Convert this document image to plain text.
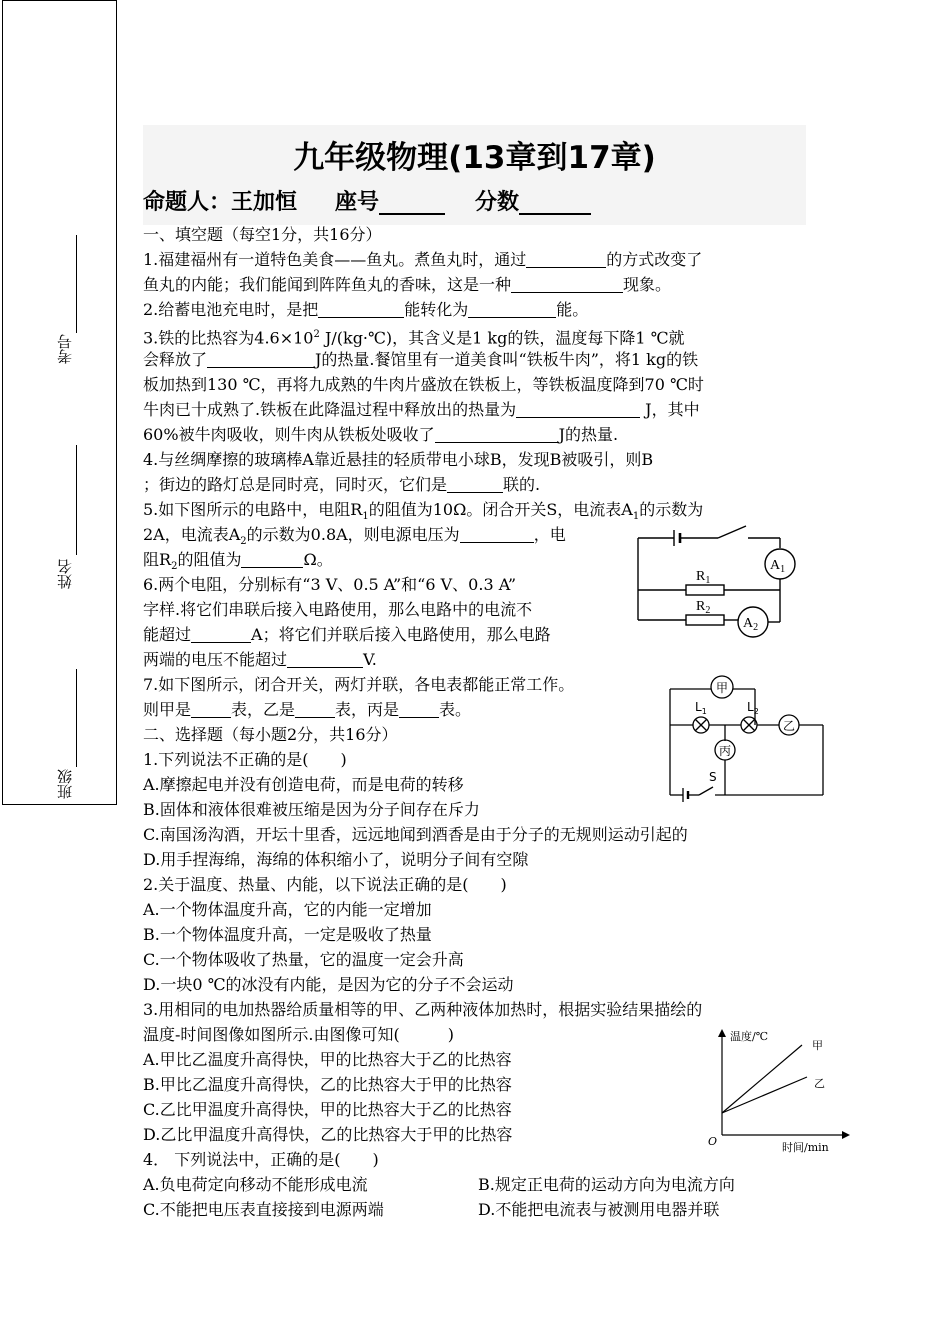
考号
姓名
班级
九年级物理(13章到17章)
命题人：王加恒 座号	分数
一、填空题（每空1分，共16分）
1.福建福州有一道特色美食——鱼丸。煮鱼丸时，通过	的方式改变了
鱼丸的内能；我们能闻到阵阵鱼丸的香味，这是一种	现象。
2.给蓄电池充电时，是把	能转化为	能。
3.铁的比热容为$4.6\times 10^2$ J/(kg·℃)，其含义是1 kg的铁，温度每下降1 ℃就
会释放了	J的热量.餐馆里有一道美食叫“铁板牛肉”，将1 kg的铁
板加热到130 ℃，再将九成熟的牛肉片盛放在铁板上，等铁板温度降到70 ℃时
牛肉已十成熟了.铁板在此降温过程中释放出的热量为	J，其中
60%被牛肉吸收，则牛肉从铁板处吸收了	J的热量.
4.与丝绸摩擦的玻璃棒A靠近悬挂的轻质带电小球B，发现B被吸引，则B
；街边的路灯总是同时亮，同时灭，它们是	联的.
5.如下图所示的电路中，电阻$R_1$的阻值为10Ω。闭合开关S，电流表$A_1$的示数为
2A，电流表$A_2$的示数为0.8A，则电源电压为	，电
阻$R_2$的阻值为	Ω。
6.两个电阻，分别标有“3 V、0.5 A”和“6 V、0.3 A”
字样.将它们串联后接入电路使用，那么电路中的电流不
能超过	A；将它们并联后接入电路使用，那么电路
两端的电压不能超过	V.
7.如下图所示，闭合开关，两灯并联，各电表都能正常工作。
则甲是	表，乙是	表，丙是	表。
二、选择题（每小题2分，共16分）
1.下列说法不正确的是(　　)
A.摩擦起电并没有创造电荷，而是电荷的转移
B.固体和液体很难被压缩是因为分子间存在斥力
C.南国汤沟酒，开坛十里香，远远地闻到酒香是由于分子的无规则运动引起的
D.用手捏海绵，海绵的体积缩小了，说明分子间有空隙
2.关于温度、热量、内能，以下说法正确的是(　　)
A.一个物体温度升高，它的内能一定增加
B.一个物体温度升高，一定是吸收了热量
C.一个物体吸收了热量，它的温度一定会升高
D.一块0 ℃的冰没有内能，是因为它的分子不会运动
3.用相同的电加热器给质量相等的甲、乙两种液体加热时，根据实验结果描绘的
温度-时间图像如图所示.由图像可知(　　　)
A.甲比乙温度升高得快，甲的比热容大于乙的比热容
B.甲比乙温度升高得快，乙的比热容大于甲的比热容
C.乙比甲温度升高得快，甲的比热容大于乙的比热容
D.乙比甲温度升高得快，乙的比热容大于甲的比热容
4． 下列说法中，正确的是(　　)
A.负电荷定向移动不能形成电流	B.规定正电荷的运动方向为电流方向
C.不能把电压表直接接到电源两端	D.不能把电流表与被测用电器并联
$A_1$
$A_2$
$R_1$
$R_2$
甲
乙
丙
$L_1$	$L_2$
S
温度/℃
时间/min
O
甲
乙
